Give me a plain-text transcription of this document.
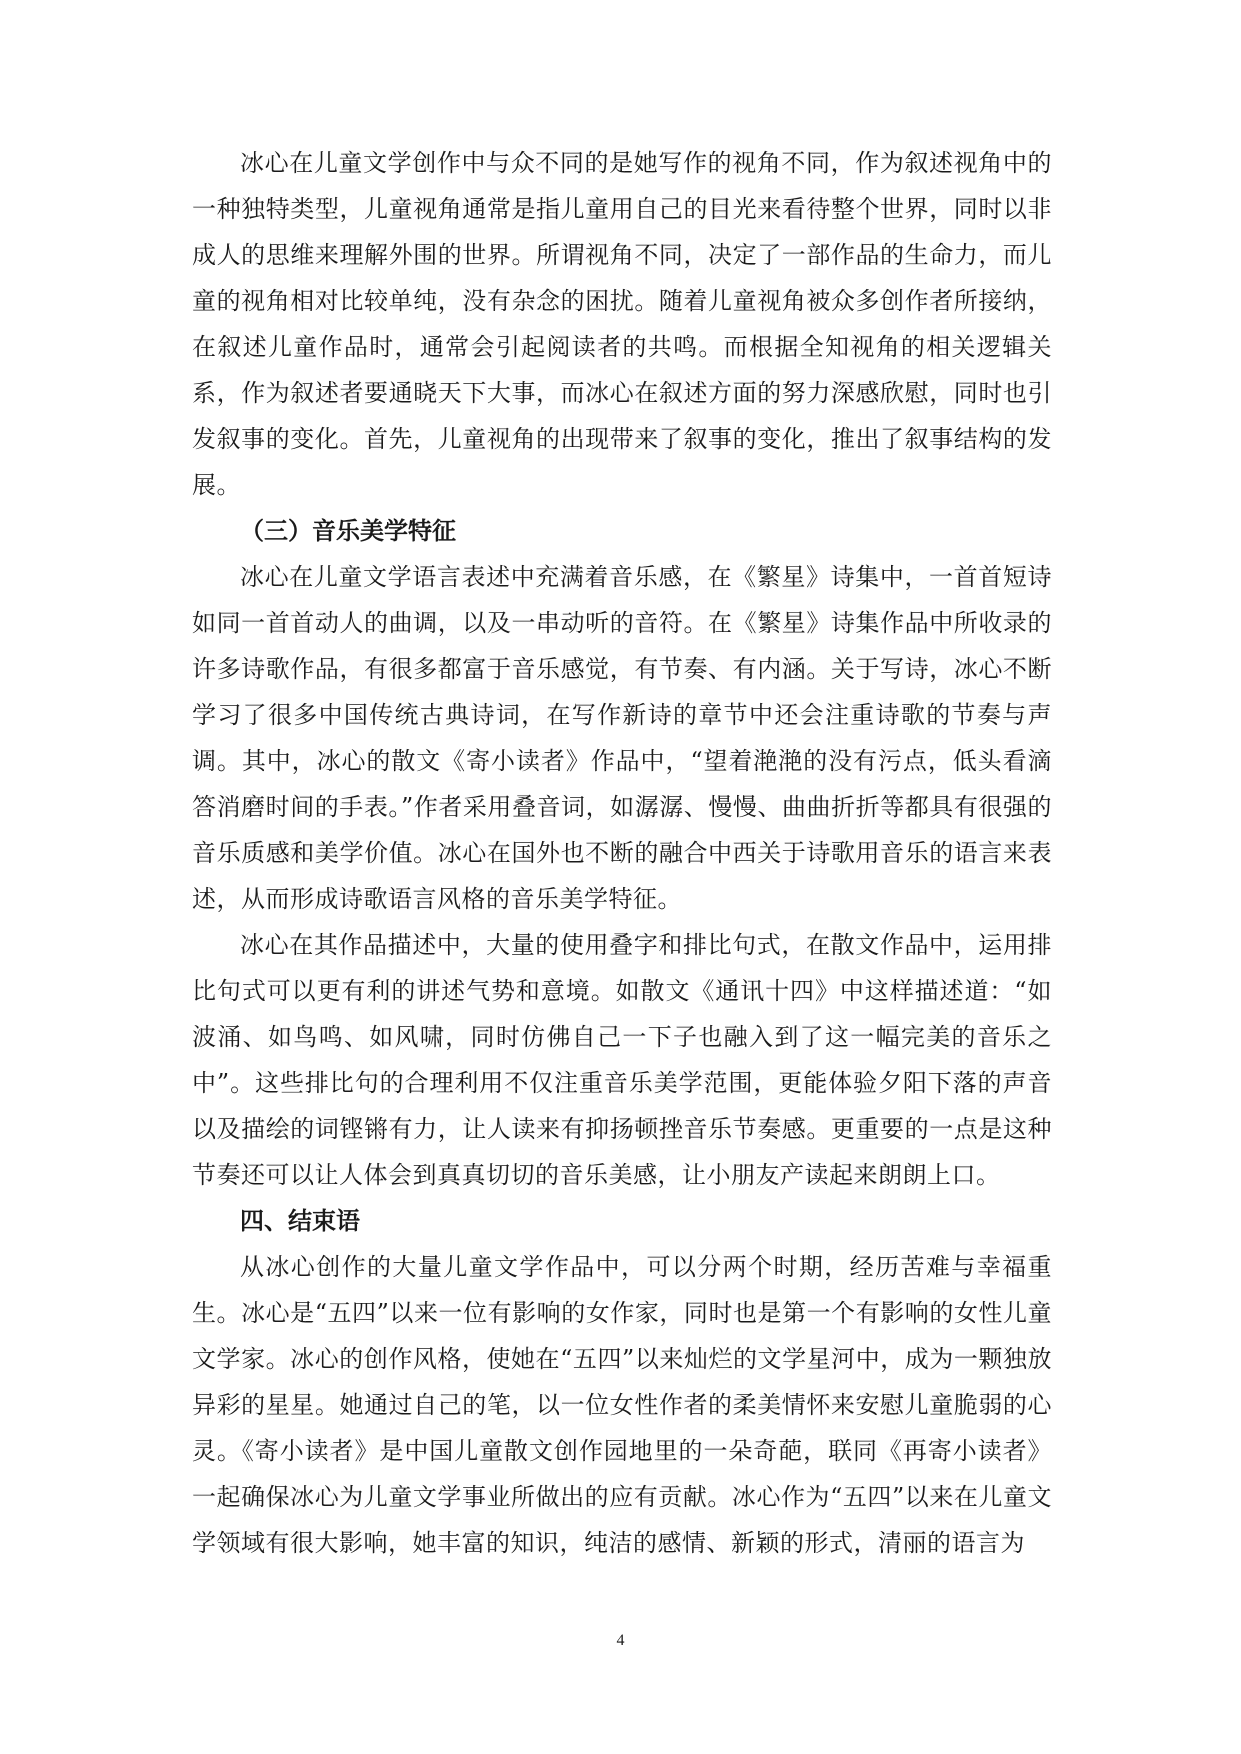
冰心在儿童文学创作中与众不同的是她写作的视角不同，作为叙述视角中的一种独特类型，儿童视角通常是指儿童用自己的目光来看待整个世界，同时以非成人的思维来理解外围的世界。所谓视角不同，决定了一部作品的生命力，而儿童的视角相对比较单纯，没有杂念的困扰。随着儿童视角被众多创作者所接纳，在叙述儿童作品时，通常会引起阅读者的共鸣。而根据全知视角的相关逻辑关系，作为叙述者要通晓天下大事，而冰心在叙述方面的努力深感欣慰，同时也引发叙事的变化。首先，儿童视角的出现带来了叙事的变化，推出了叙事结构的发展。

（三）音乐美学特征

冰心在儿童文学语言表述中充满着音乐感，在《繁星》诗集中，一首首短诗如同一首首动人的曲调，以及一串动听的音符。在《繁星》诗集作品中所收录的许多诗歌作品，有很多都富于音乐感觉，有节奏、有内涵。关于写诗，冰心不断学习了很多中国传统古典诗词，在写作新诗的章节中还会注重诗歌的节奏与声调。其中，冰心的散文《寄小读者》作品中，“望着滟滟的没有污点，低头看滴答消磨时间的手表。”作者采用叠音词，如潺潺、慢慢、曲曲折折等都具有很强的音乐质感和美学价值。冰心在国外也不断的融合中西关于诗歌用音乐的语言来表述，从而形成诗歌语言风格的音乐美学特征。

冰心在其作品描述中，大量的使用叠字和排比句式，在散文作品中，运用排比句式可以更有利的讲述气势和意境。如散文《通讯十四》中这样描述道：“如波涌、如鸟鸣、如风啸，同时仿佛自己一下子也融入到了这一幅完美的音乐之中”。这些排比句的合理利用不仅注重音乐美学范围，更能体验夕阳下落的声音以及描绘的词铿锵有力，让人读来有抑扬顿挫音乐节奏感。更重要的一点是这种节奏还可以让人体会到真真切切的音乐美感，让小朋友产读起来朗朗上口。

四、结束语

从冰心创作的大量儿童文学作品中，可以分两个时期，经历苦难与幸福重生。冰心是“五四”以来一位有影响的女作家，同时也是第一个有影响的女性儿童文学家。冰心的创作风格，使她在“五四”以来灿烂的文学星河中，成为一颗独放异彩的星星。她通过自己的笔，以一位女性作者的柔美情怀来安慰儿童脆弱的心灵。《寄小读者》是中国儿童散文创作园地里的一朵奇葩，联同《再寄小读者》一起确保冰心为儿童文学事业所做出的应有贡献。冰心作为“五四”以来在儿童文学领域有很大影响，她丰富的知识，纯洁的感情、新颖的形式，清丽的语言为

4
